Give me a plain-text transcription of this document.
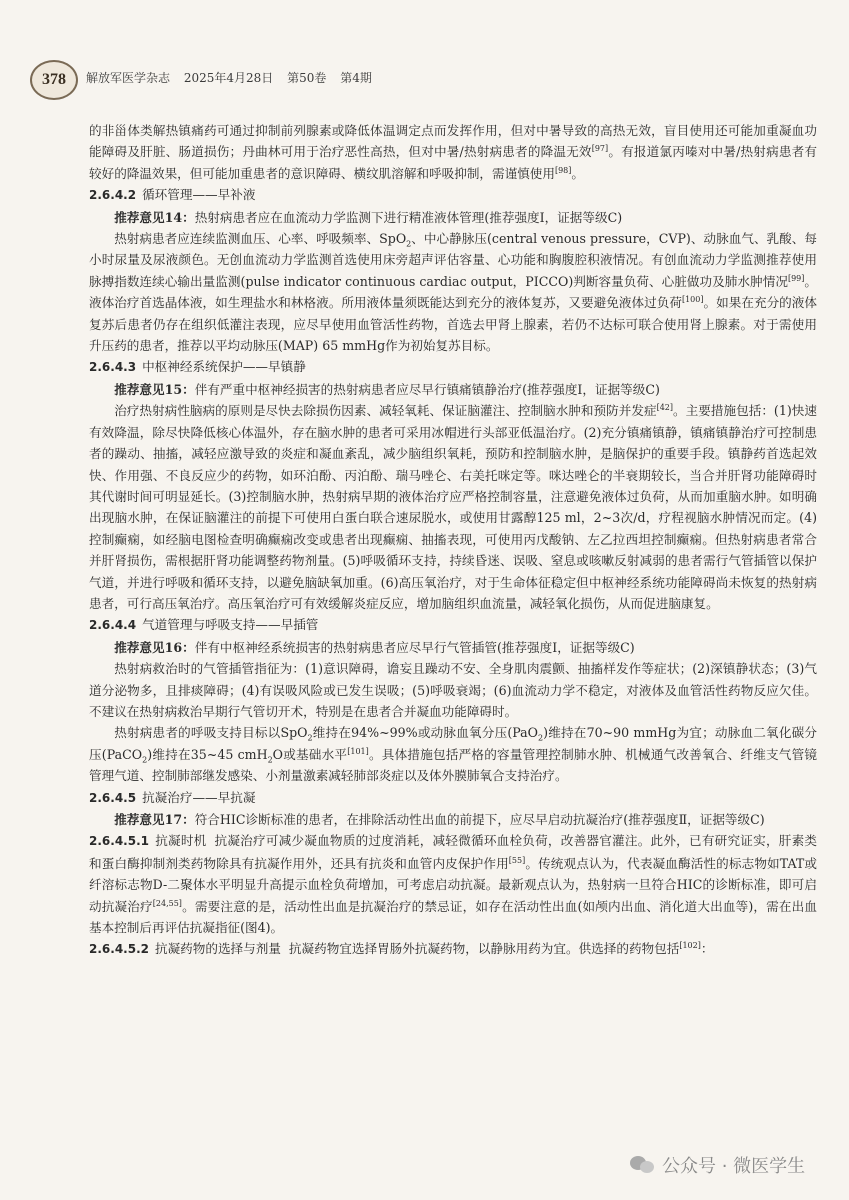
378 解放军医学杂志 2025年4月28日 第50卷 第4期

的非甾体类解热镇痛药可通过抑制前列腺素或降低体温调定点而发挥作用，但对中暑导致的高热无效，盲目使用还可能加重凝血功能障碍及肝脏、肠道损伤；丹曲林可用于治疗恶性高热，但对中暑/热射病患者的降温无效[97]。有报道氯丙嗪对中暑/热射病患者有较好的降温效果，但可能加重患者的意识障碍、横纹肌溶解和呼吸抑制，需谨慎使用[98]。

2.6.4.2 循环管理——早补液

推荐意见14：热射病患者应在血流动力学监测下进行精准液体管理(推荐强度Ⅰ，证据等级C)

热射病患者应连续监测血压、心率、呼吸频率、SpO$_2$、中心静脉压(central venous pressure，CVP)、动脉血气、乳酸、每小时尿量及尿液颜色。无创血流动力学监测首选使用床旁超声评估容量、心功能和胸腹腔积液情况。有创血流动力学监测推荐使用脉搏指数连续心输出量监测(pulse indicator continuous cardiac output，PICCO)判断容量负荷、心脏做功及肺水肿情况[99]。液体治疗首选晶体液，如生理盐水和林格液。所用液体量须既能达到充分的液体复苏，又要避免液体过负荷[100]。如果在充分的液体复苏后患者仍存在组织低灌注表现，应尽早使用血管活性药物，首选去甲肾上腺素，若仍不达标可联合使用肾上腺素。对于需使用升压药的患者，推荐以平均动脉压(MAP) 65 mmHg作为初始复苏目标。

2.6.4.3 中枢神经系统保护——早镇静

推荐意见15：伴有严重中枢神经损害的热射病患者应尽早行镇痛镇静治疗(推荐强度Ⅰ，证据等级C)

治疗热射病性脑病的原则是尽快去除损伤因素、减轻氧耗、保证脑灌注、控制脑水肿和预防并发症[42]。主要措施包括：(1)快速有效降温，除尽快降低核心体温外，存在脑水肿的患者可采用冰帽进行头部亚低温治疗。(2)充分镇痛镇静，镇痛镇静治疗可控制患者的躁动、抽搐，减轻应激导致的炎症和凝血紊乱，减少脑组织氧耗，预防和控制脑水肿，是脑保护的重要手段。镇静药首选起效快、作用强、不良反应少的药物，如环泊酚、丙泊酚、瑞马唑仑、右美托咪定等。咪达唑仑的半衰期较长，当合并肝肾功能障碍时其代谢时间可明显延长。(3)控制脑水肿，热射病早期的液体治疗应严格控制容量，注意避免液体过负荷，从而加重脑水肿。如明确出现脑水肿，在保证脑灌注的前提下可使用白蛋白联合速尿脱水，或使用甘露醇125 ml，2~3次/d，疗程视脑水肿情况而定。(4)控制癫痫，如经脑电图检查明确癫痫改变或患者出现癫痫、抽搐表现，可使用丙戊酸钠、左乙拉西坦控制癫痫。但热射病患者常合并肝肾损伤，需根据肝肾功能调整药物剂量。(5)呼吸循环支持，持续昏迷、误吸、窒息或咳嗽反射减弱的患者需行气管插管以保护气道，并进行呼吸和循环支持，以避免脑缺氧加重。(6)高压氧治疗，对于生命体征稳定但中枢神经系统功能障碍尚未恢复的热射病患者，可行高压氧治疗。高压氧治疗可有效缓解炎症反应，增加脑组织血流量，减轻氧化损伤，从而促进脑康复。

2.6.4.4 气道管理与呼吸支持——早插管

推荐意见16：伴有中枢神经系统损害的热射病患者应尽早行气管插管(推荐强度Ⅰ，证据等级C)

热射病救治时的气管插管指征为：(1)意识障碍，谵妄且躁动不安、全身肌肉震颤、抽搐样发作等症状；(2)深镇静状态；(3)气道分泌物多，且排痰障碍；(4)有误吸风险或已发生误吸；(5)呼吸衰竭；(6)血流动力学不稳定，对液体及血管活性药物反应欠佳。不建议在热射病救治早期行气管切开术，特别是在患者合并凝血功能障碍时。

热射病患者的呼吸支持目标以SpO$_2$维持在94%~99%或动脉血氧分压(PaO$_2$)维持在70~90 mmHg为宜；动脉血二氧化碳分压(PaCO$_2$)维持在35~45 cmH$_2$O或基础水平[101]。具体措施包括严格的容量管理控制肺水肿、机械通气改善氧合、纤维支气管镜管理气道、控制肺部继发感染、小剂量激素减轻肺部炎症以及体外膜肺氧合支持治疗。

2.6.4.5 抗凝治疗——早抗凝

推荐意见17：符合HIC诊断标准的患者，在排除活动性出血的前提下，应尽早启动抗凝治疗(推荐强度Ⅱ，证据等级C)

2.6.4.5.1 抗凝时机 抗凝治疗可减少凝血物质的过度消耗，减轻微循环血栓负荷，改善器官灌注。此外，已有研究证实，肝素类和蛋白酶抑制剂类药物除具有抗凝作用外，还具有抗炎和血管内皮保护作用[55]。传统观点认为，代表凝血酶活性的标志物如TAT或纤溶标志物D-二聚体水平明显升高提示血栓负荷增加，可考虑启动抗凝。最新观点认为，热射病一旦符合HIC的诊断标准，即可启动抗凝治疗[24,55]。需要注意的是，活动性出血是抗凝治疗的禁忌证，如存在活动性出血(如颅内出血、消化道大出血等)，需在出血基本控制后再评估抗凝指征(图4)。

2.6.4.5.2 抗凝药物的选择与剂量 抗凝药物宜选择胃肠外抗凝药物，以静脉用药为宜。供选择的药物包括[102]：

公众号 · 微医学生
